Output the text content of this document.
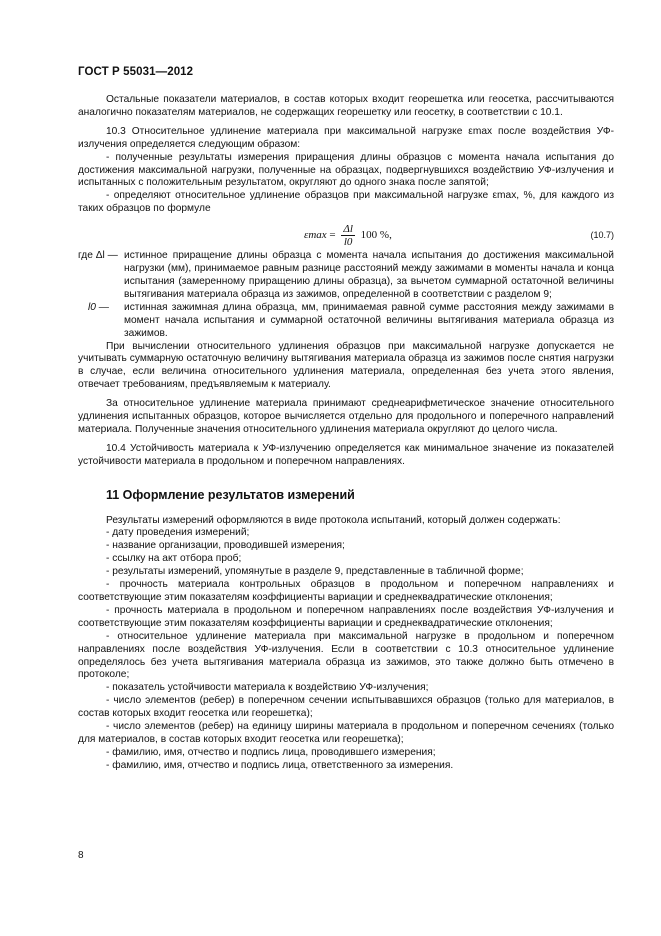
ГОСТ Р 55031—2012

Остальные показатели материалов, в состав которых входит георешетка или геосетка, рассчитываются аналогично показателям материалов, не содержащих георешетку или геосетку, в соответствии с 10.1.

10.3 Относительное удлинение материала при максимальной нагрузке εmax после воздействия УФ-излучения определяется следующим образом:

- полученные результаты измерения приращения длины образцов с момента начала испытания до достижения максимальной нагрузки, полученные на образцах, подвергнувшихся воздействию УФ-излучения и испытанных с положительным результатом, округляют до одного знака после запятой;

- определяют относительное удлинение образцов при максимальной нагрузке εmax, %, для каждого из таких образцов по формуле

$\varepsilon\max = \frac{\Delta l}{l0} 100$ %,	(10.7)
где Δl — истинное приращение длины образца с момента начала испытания до достижения максимальной нагрузки (мм), принимаемое равным разнице расстояний между зажимами в моменты начала и конца испытания (замеренному приращению длины образца), за вычетом суммарной остаточной величины вытягивания материала образца из зажимов, определенной в соответствии с разделом 9;
l0 —	истинная зажимная длина образца, мм, принимаемая равной сумме расстояния между зажимами в момент начала испытания и суммарной остаточной величины вытягивания материала образца из зажимов.

При вычислении относительного удлинения образцов при максимальной нагрузке допускается не учитывать суммарную остаточную величину вытягивания материала образца из зажимов после снятия нагрузки в случае, если величина относительного удлинения материала, определенная без учета этого явления, отвечает требованиям, предъявляемым к материалу.

За относительное удлинение материала принимают среднеарифметическое значение относительного удлинения испытанных образцов, которое вычисляется отдельно для продольного и поперечного направлений материала. Полученные значения относительного удлинения материала округляют до целого числа.

10.4 Устойчивость материала к УФ-излучению определяется как минимальное значение из показателей устойчивости материала в продольном и поперечном направлениях.

11 Оформление результатов измерений

Результаты измерений оформляются в виде протокола испытаний, который должен содержать:

- дату проведения измерений;

- название организации, проводившей измерения;

- ссылку на акт отбора проб;

- результаты измерений, упомянутые в разделе 9, представленные в табличной форме;

- прочность материала контрольных образцов в продольном и поперечном направлениях и соответствующие этим показателям коэффициенты вариации и среднеквадратические отклонения;

- прочность материала в продольном и поперечном направлениях после воздействия УФ-излучения и соответствующие этим показателям коэффициенты вариации и среднеквадратические отклонения;

- относительное удлинение материала при максимальной нагрузке в продольном и поперечном направлениях после воздействия УФ-излучения. Если в соответствии с 10.3 относительное удлинение определялось без учета вытягивания материала образца из зажимов, это также должно быть отмечено в протоколе;

- показатель устойчивости материала к воздействию УФ-излучения;

- число элементов (ребер) в поперечном сечении испытывавшихся образцов (только для материалов, в состав которых входит геосетка или георешетка);

- число элементов (ребер) на единицу ширины материала в продольном и поперечном сечениях (только для материалов, в состав которых входит геосетка или георешетка);

- фамилию, имя, отчество и подпись лица, проводившего измерения;

- фамилию, имя, отчество и подпись лица, ответственного за измерения.

8
